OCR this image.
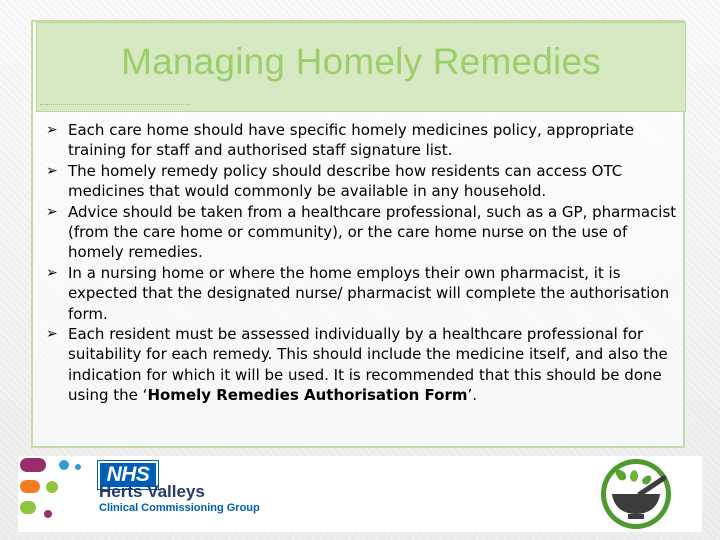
Managing Homely Remedies
➢ Each care home should have specific homely medicines policy, appropriate training for staff and authorised staff signature list.
➢ The homely remedy policy should describe how residents can access OTC medicines that would commonly be available in any household.
➢ Advice should be taken from a healthcare professional, such as a GP, pharmacist (from the care home or community), or the care home nurse on the use of homely remedies.
➢ In a nursing home or where the home employs their own pharmacist, it is expected that the designated nurse/ pharmacist will complete the authorisation form.
➢ Each resident must be assessed individually by a healthcare professional for suitability for each remedy. This should include the medicine itself, and also the indication for which it will be used. It is recommended that this should be done using the ‘Homely Remedies Authorisation Form’.
NHS
Herts Valleys
Clinical Commissioning Group
